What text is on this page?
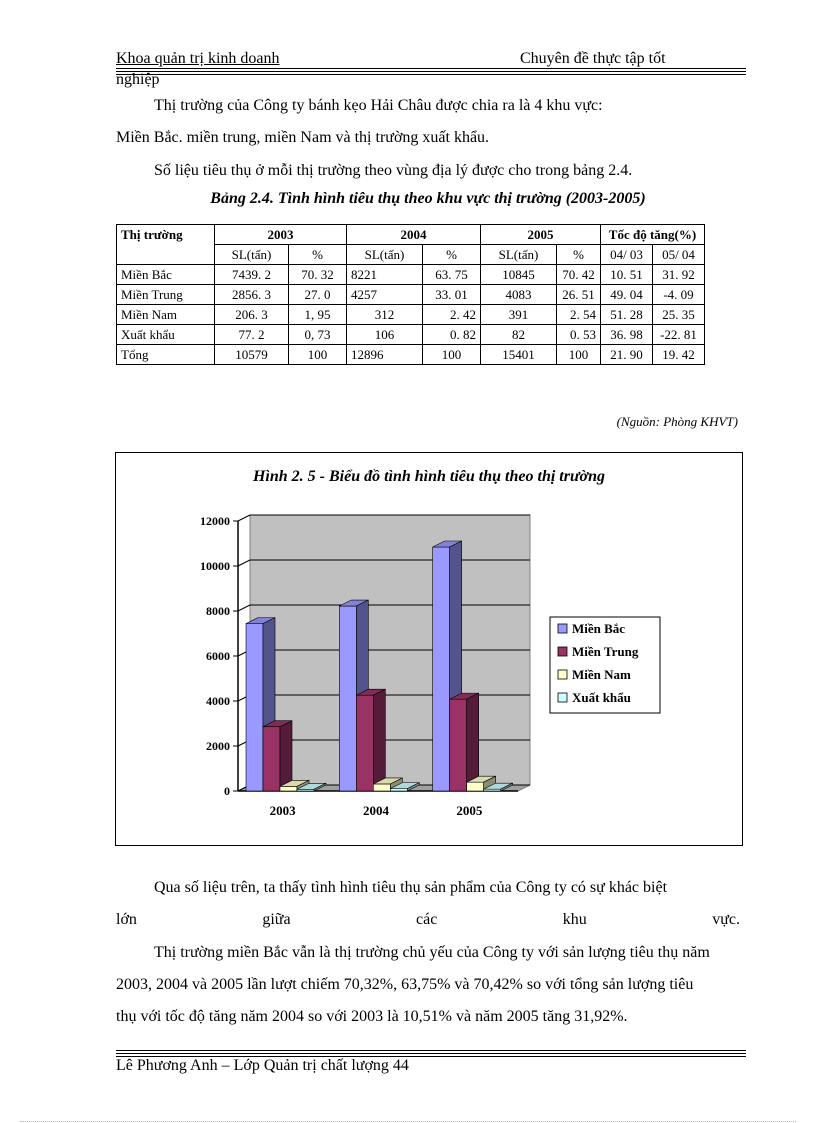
Khoa quản trị kinh doanh	Chuyên đề thực tập tốt
nghiệp
Thị trường của Công ty bánh kẹo Hải Châu được chia ra là 4 khu vực:
Miền Bắc. miền trung, miền Nam và thị trường xuất khẩu.
Số liệu tiêu thụ ở mỗi thị trường theo vùng địa lý được cho trong bảng 2.4.
Bảng 2.4. Tình hình tiêu thụ theo khu vực thị trường (2003-2005)
Thị trường	2003		2004		2005		Tốc độ tăng(%)	
	SL(tấn)	%	SL(tấn)	%	SL(tấn)	%	04/ 03	05/ 04
Miền Bắc	7439. 2	70. 32	8221	63. 75	10845	70. 42	10. 51	31. 92
Miền Trung	2856. 3	27. 0	4257	33. 01	4083	26. 51	49. 04	-4. 09
Miền Nam	206. 3	1, 95	312	2. 42	391	2. 54	51. 28	25. 35
Xuất khẩu	77. 2	0, 73	106	0. 82	82	0. 53	36. 98	-22. 81
Tổng	10579	100	12896	100	15401	100	21. 90	19. 42
(Nguồn: Phòng KHVT)
Hình 2. 5 - Biểu đồ tình hình tiêu thụ theo thị trường
0
2000
4000
6000
8000
10000
12000
2003	2004	2005
Miền Bắc
Miền Trung
Miền Nam
Xuất khẩu
Qua số liệu trên, ta thấy tình hình tiêu thụ sản phẩm của Công ty có sự khác biệt
lớn	giữa	các	khu	vực.
Thị trường miền Bắc vẫn là thị trường chủ yếu của Công ty với sản lượng tiêu thụ năm
2003, 2004 và 2005 lần lượt chiếm 70,32%, 63,75% và 70,42% so với tổng sản lượng tiêu
thụ với tốc độ tăng năm 2004 so với 2003 là 10,51% và năm 2005 tăng 31,92%.
Lê Phương Anh – Lớp Quản trị chất lượng 44
